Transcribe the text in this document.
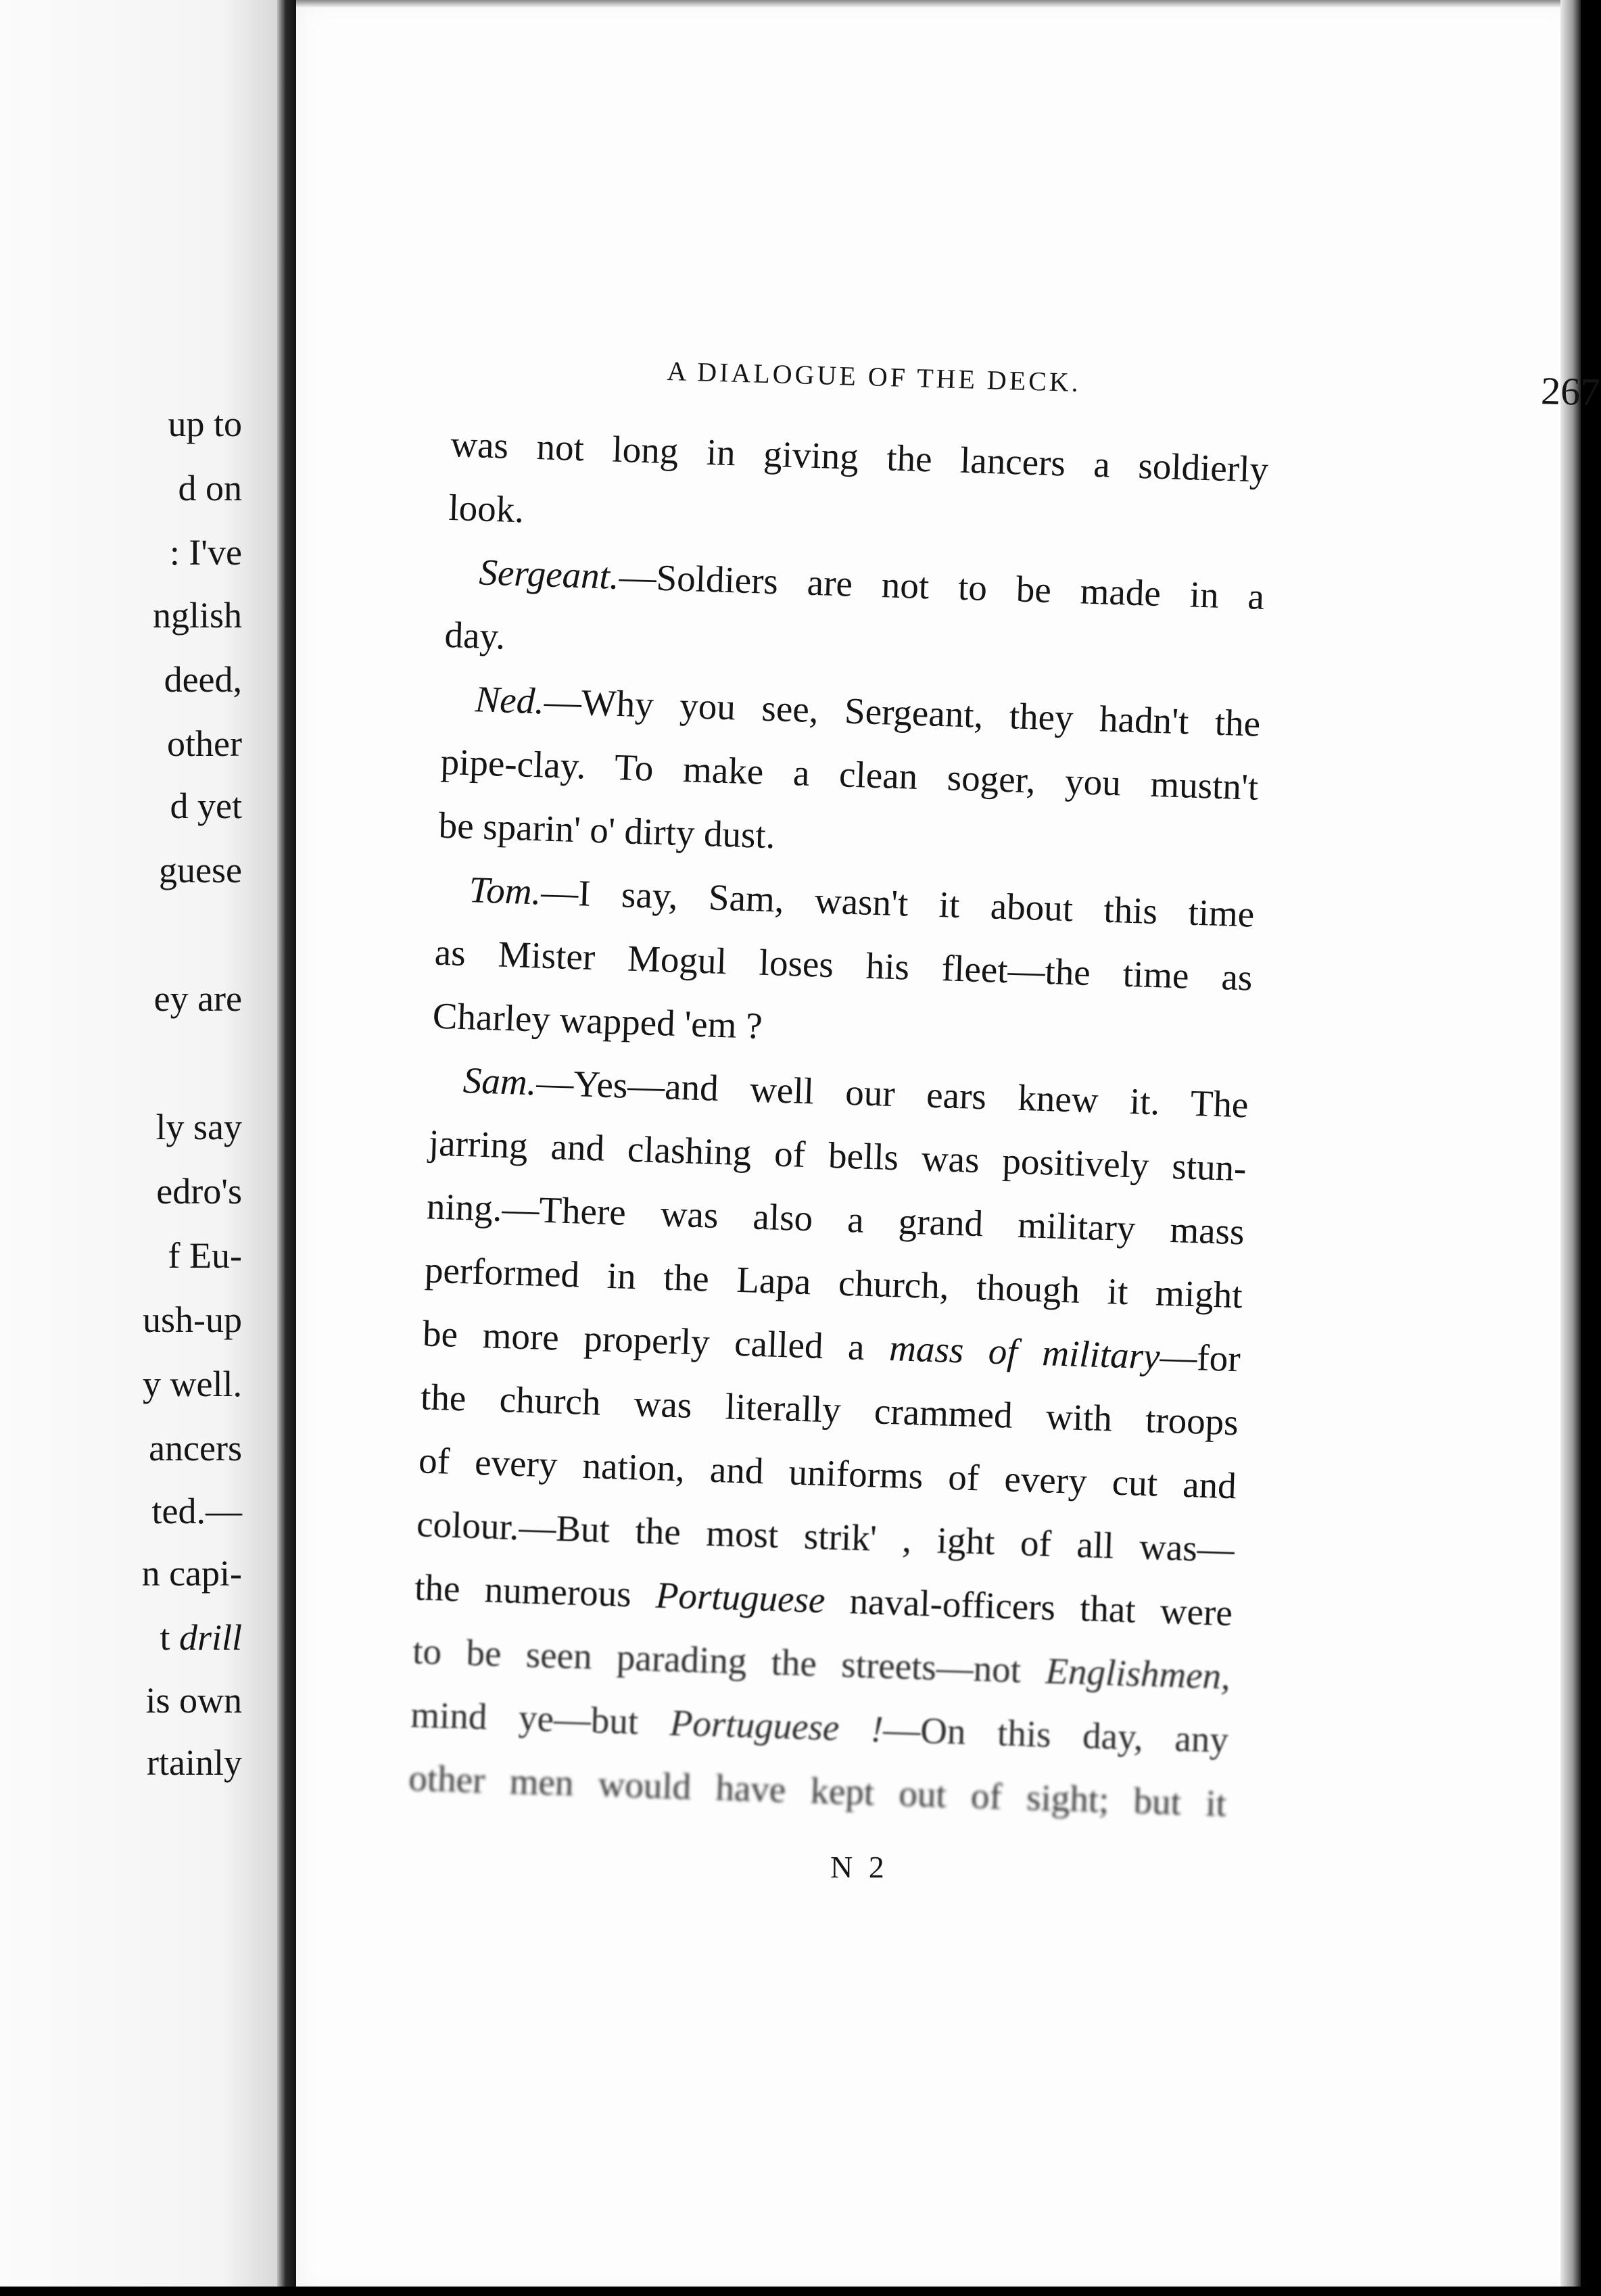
up to
d on
: I've
nglish
deed,
other
d yet
guese
ey are
ly say
edro's
f Eu-
ush-up
y well.
ancers
ted.—
n capi-
t drill
is own
rtainly
A DIALOGUE OF THE DECK.	267
was not long in giving the lancers a soldierly
look.
Sergeant.—Soldiers are not to be made in a
day.
Ned.—Why you see, Sergeant, they hadn't the
pipe-clay. To make a clean soger, you mustn't
be sparin' o' dirty dust.
Tom.—I say, Sam, wasn't it about this time
as Mister Mogul loses his fleet—the time as
Charley wapped 'em ?
Sam.—Yes—and well our ears knew it. The
jarring and clashing of bells was positively stun-
ning.—There was also a grand military mass
performed in the Lapa church, though it might
be more properly called a mass of military—for
the church was literally crammed with troops
of every nation, and uniforms of every cut and
colour.—But the most strik' , ight of all was—
the numerous Portuguese naval-officers that were
to be seen parading the streets—not Englishmen,
mind ye—but Portuguese !—On this day, any
other men would have kept out of sight; but it
N 2
